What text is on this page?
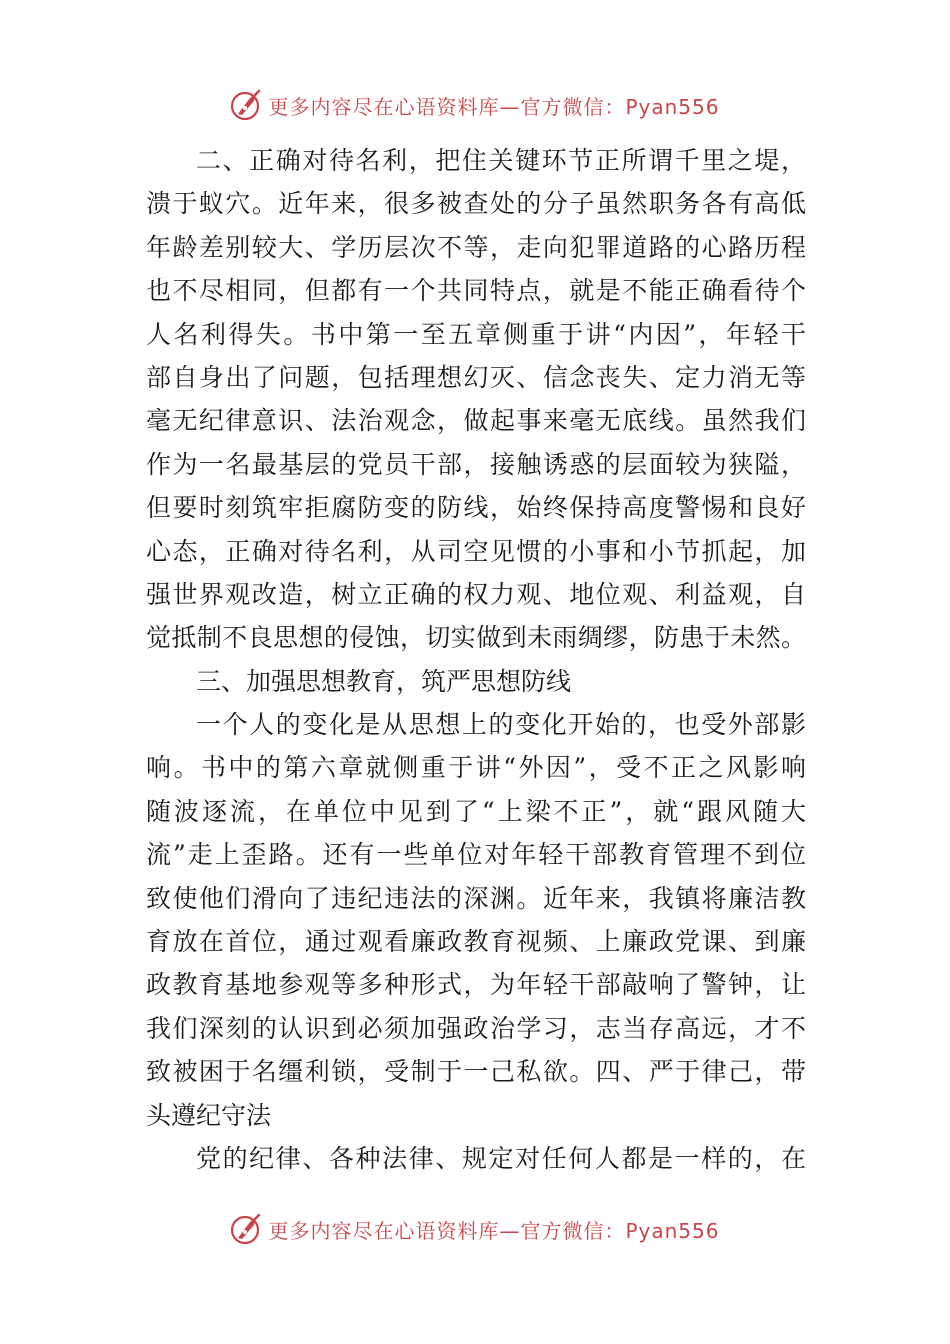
更多内容尽在心语资料库—官方微信：Pyan556
二、正确对待名利，把住关键环节正所谓千里之堤，
溃于蚁穴。近年来，很多被查处的分子虽然职务各有高低
年龄差别较大、学历层次不等，走向犯罪道路的心路历程
也不尽相同，但都有一个共同特点，就是不能正确看待个
人名利得失。书中第一至五章侧重于讲“内因”，年轻干
部自身出了问题，包括理想幻灭、信念丧失、定力消无等
毫无纪律意识、法治观念，做起事来毫无底线。虽然我们
作为一名最基层的党员干部，接触诱惑的层面较为狭隘，
但要时刻筑牢拒腐防变的防线，始终保持高度警惕和良好
心态，正确对待名利，从司空见惯的小事和小节抓起，加
强世界观改造，树立正确的权力观、地位观、利益观，自
觉抵制不良思想的侵蚀，切实做到未雨绸缪，防患于未然。
三、加强思想教育，筑严思想防线
一个人的变化是从思想上的变化开始的，也受外部影
响。书中的第六章就侧重于讲“外因”，受不正之风影响
随波逐流，在单位中见到了“上梁不正”，就“跟风随大
流”走上歪路。还有一些单位对年轻干部教育管理不到位
致使他们滑向了违纪违法的深渊。近年来，我镇将廉洁教
育放在首位，通过观看廉政教育视频、上廉政党课、到廉
政教育基地参观等多种形式，为年轻干部敲响了警钟，让
我们深刻的认识到必须加强政治学习，志当存高远，才不
致被困于名缰利锁，受制于一己私欲。四、严于律己，带
头遵纪守法
党的纪律、各种法律、规定对任何人都是一样的，在
更多内容尽在心语资料库—官方微信：Pyan556
